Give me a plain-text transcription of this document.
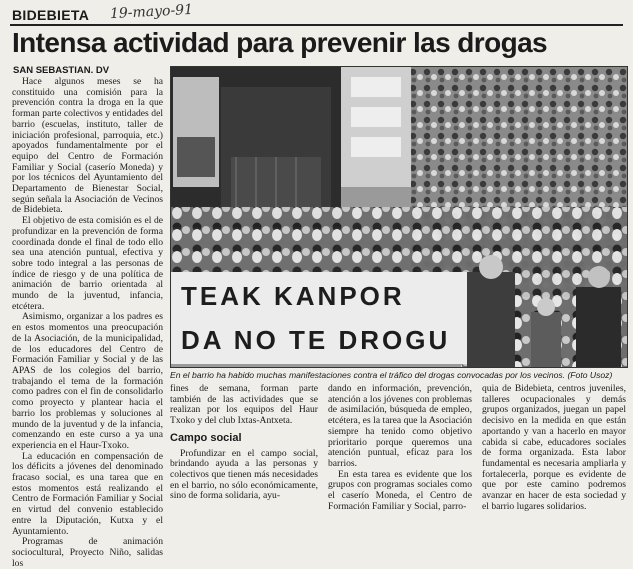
BIDEBIETA 19-mayo-91
Intensa actividad para prevenir las drogas
SAN SEBASTIAN. DV

Hace algunos meses se ha constituido una comisión para la prevención contra la droga en la que forman parte colectivos y entidades del barrio (escuelas, instituto, taller de iniciación profesional, parroquia, etc.) apoyados fundamentalmente por el equipo del Centro de Formación Familiar y Social (caserío Moneda) y por los técnicos del Ayuntamiento del Departamento de Bienestar Social, según señala la Asociación de Vecinos de Bidebieta.

El objetivo de esta comisión es el de profundizar en la prevención de forma coordinada donde el final de todo ello sea una atención puntual, efectiva y sobre todo integral a las personas de índice de riesgo y de una política de animación de barrio orientada al mundo de la juventud, infancia, etcétera.

Asimismo, organizar a los padres es en estos momentos una preocupación de la Asociación, de la municipalidad, de los educadores del Centro de Formación Familiar y Social y de las APAS de los colegios del barrio, trabajando el tema de la formación como padres con el fin de consolidarlo como proyecto y plantear hacia el barrio los problemas y soluciones al mundo de la juventud y de la infancia, comenzando en este curso a ya una experiencia en el Haur-Txoko.

La educación en compensación de los déficits a jóvenes del denominado fracaso social, es una tarea que en estos momentos está realizando el Centro de Formación Familiar y Social en virtud del convenio establecido entre la Diputación, Kutxa y el Ayuntamiento.

Programas de animación sociocultural, Proyecto Niño, salidas los

TEAK KANPOR
DA NO TE DROGU
En el barrio ha habido muchas manifestaciones contra el tráfico del drogas convocadas por los vecinos. (Foto Usoz)

fines de semana, forman parte también de las actividades que se realizan por los equipos del Haur Txoko y del club Ixtas-Antxeta.

Campo social

Profundizar en el campo social, brindando ayuda a las personas y colectivos que tienen más necesidades en el barrio, no sólo económicamente, sino de forma solidaria, ayu-

dando en información, prevención, atención a los jóvenes con problemas de asimilación, búsqueda de empleo, etcétera, es la tarea que la Asociación siempre ha tenido como objetivo prioritario porque queremos una atención puntual, eficaz para los barrios.

En esta tarea es evidente que los grupos con programas sociales como el caserío Moneda, el Centro de Formación Familiar y Social, parro-

quia de Bidebieta, centros juveniles, talleres ocupacionales y demás grupos organizados, juegan un papel decisivo en la medida en que están aportando y van a hacerlo en mayor cabida si cabe, educadores sociales de forma organizada. Esta labor fundamental es necesaria ampliarla y fortalecerla, porque es evidente de que por este camino podremos avanzar en hacer de esta sociedad y el barrio lugares solidarios.
